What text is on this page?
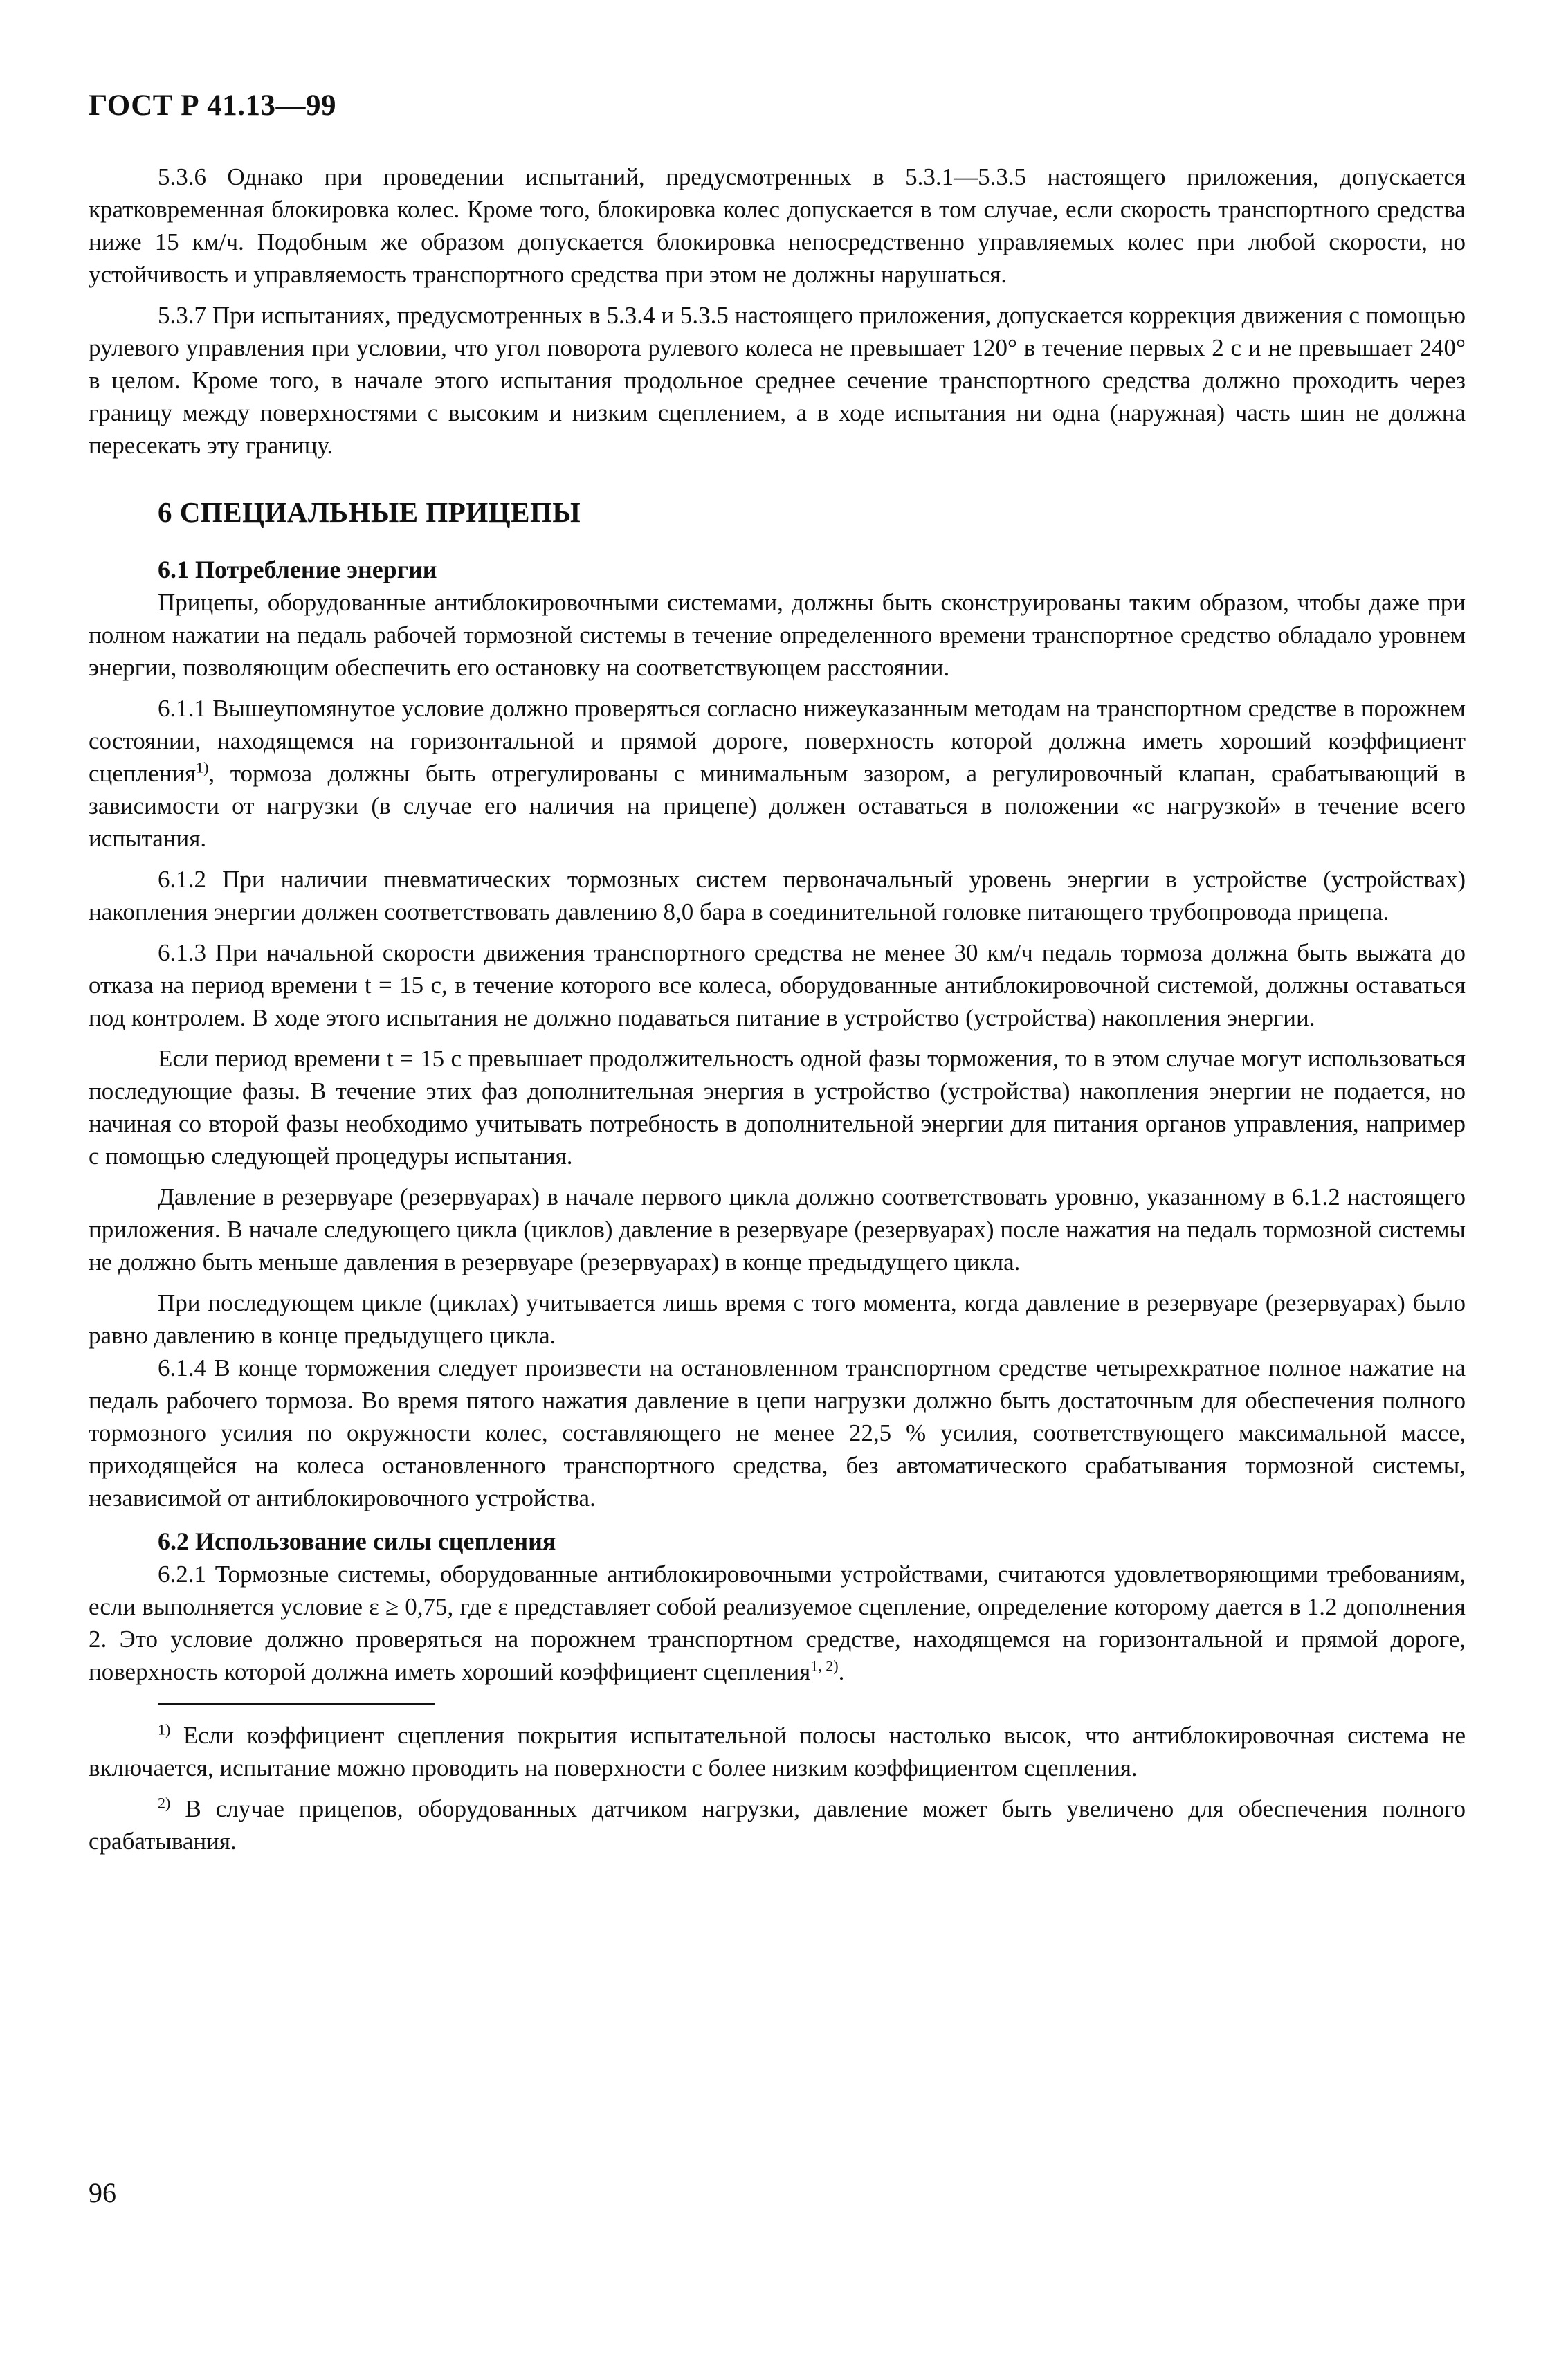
ГОСТ Р 41.13—99

5.3.6 Однако при проведении испытаний, предусмотренных в 5.3.1—5.3.5 настоящего приложения, допускается кратковременная блокировка колес. Кроме того, блокировка колес допускается в том случае, если скорость транспортного средства ниже 15 км/ч. Подобным же образом допускается блокировка непосредственно управляемых колес при любой скорости, но устойчивость и управляемость транспортного средства при этом не должны нарушаться.

5.3.7 При испытаниях, предусмотренных в 5.3.4 и 5.3.5 настоящего приложения, допускается коррекция движения с помощью рулевого управления при условии, что угол поворота рулевого колеса не превышает 120° в течение первых 2 с и не превышает 240° в целом. Кроме того, в начале этого испытания продольное среднее сечение транспортного средства должно проходить через границу между поверхностями с высоким и низким сцеплением, а в ходе испытания ни одна (наружная) часть шин не должна пересекать эту границу.

6 СПЕЦИАЛЬНЫЕ ПРИЦЕПЫ
6.1 Потребление энергии

Прицепы, оборудованные антиблокировочными системами, должны быть сконструированы таким образом, чтобы даже при полном нажатии на педаль рабочей тормозной системы в течение определенного времени транспортное средство обладало уровнем энергии, позволяющим обеспечить его остановку на соответствующем расстоянии.

6.1.1 Вышеупомянутое условие должно проверяться согласно нижеуказанным методам на транспортном средстве в порожнем состоянии, находящемся на горизонтальной и прямой дороге, поверхность которой должна иметь хороший коэффициент сцепления$^{1)}$, тормоза должны быть отрегулированы с минимальным зазором, а регулировочный клапан, срабатывающий в зависимости от нагрузки (в случае его наличия на прицепе) должен оставаться в положении «с нагрузкой» в течение всего испытания.

6.1.2 При наличии пневматических тормозных систем первоначальный уровень энергии в устройстве (устройствах) накопления энергии должен соответствовать давлению 8,0 бара в соединительной головке питающего трубопровода прицепа.

6.1.3 При начальной скорости движения транспортного средства не менее 30 км/ч педаль тормоза должна быть выжата до отказа на период времени t = 15 с, в течение которого все колеса, оборудованные антиблокировочной системой, должны оставаться под контролем. В ходе этого испытания не должно подаваться питание в устройство (устройства) накопления энергии.

Если период времени t = 15 с превышает продолжительность одной фазы торможения, то в этом случае могут использоваться последующие фазы. В течение этих фаз дополнительная энергия в устройство (устройства) накопления энергии не подается, но начиная со второй фазы необходимо учитывать потребность в дополнительной энергии для питания органов управления, например с помощью следующей процедуры испытания.

Давление в резервуаре (резервуарах) в начале первого цикла должно соответствовать уровню, указанному в 6.1.2 настоящего приложения. В начале следующего цикла (циклов) давление в резервуаре (резервуарах) после нажатия на педаль тормозной системы не должно быть меньше давления в резервуаре (резервуарах) в конце предыдущего цикла.

При последующем цикле (циклах) учитывается лишь время с того момента, когда давление в резервуаре (резервуарах) было равно давлению в конце предыдущего цикла.

6.1.4 В конце торможения следует произвести на остановленном транспортном средстве четырехкратное полное нажатие на педаль рабочего тормоза. Во время пятого нажатия давление в цепи нагрузки должно быть достаточным для обеспечения полного тормозного усилия по окружности колес, составляющего не менее 22,5 % усилия, соответствующего максимальной массе, приходящейся на колеса остановленного транспортного средства, без автоматического срабатывания тормозной системы, независимой от антиблокировочного устройства.

6.2 Использование силы сцепления

6.2.1 Тормозные системы, оборудованные антиблокировочными устройствами, считаются удовлетворяющими требованиям, если выполняется условие ε ≥ 0,75, где ε представляет собой реализуемое сцепление, определение которому дается в 1.2 дополнения 2. Это условие должно проверяться на порожнем транспортном средстве, находящемся на горизонтальной и прямой дороге, поверхность которой должна иметь хороший коэффициент сцепления$^{1, 2)}$.

$^{1)}$ Если коэффициент сцепления покрытия испытательной полосы настолько высок, что антиблокировочная система не включается, испытание можно проводить на поверхности с более низким коэффициентом сцепления.

$^{2)}$ В случае прицепов, оборудованных датчиком нагрузки, давление может быть увеличено для обеспечения полного срабатывания.

96
